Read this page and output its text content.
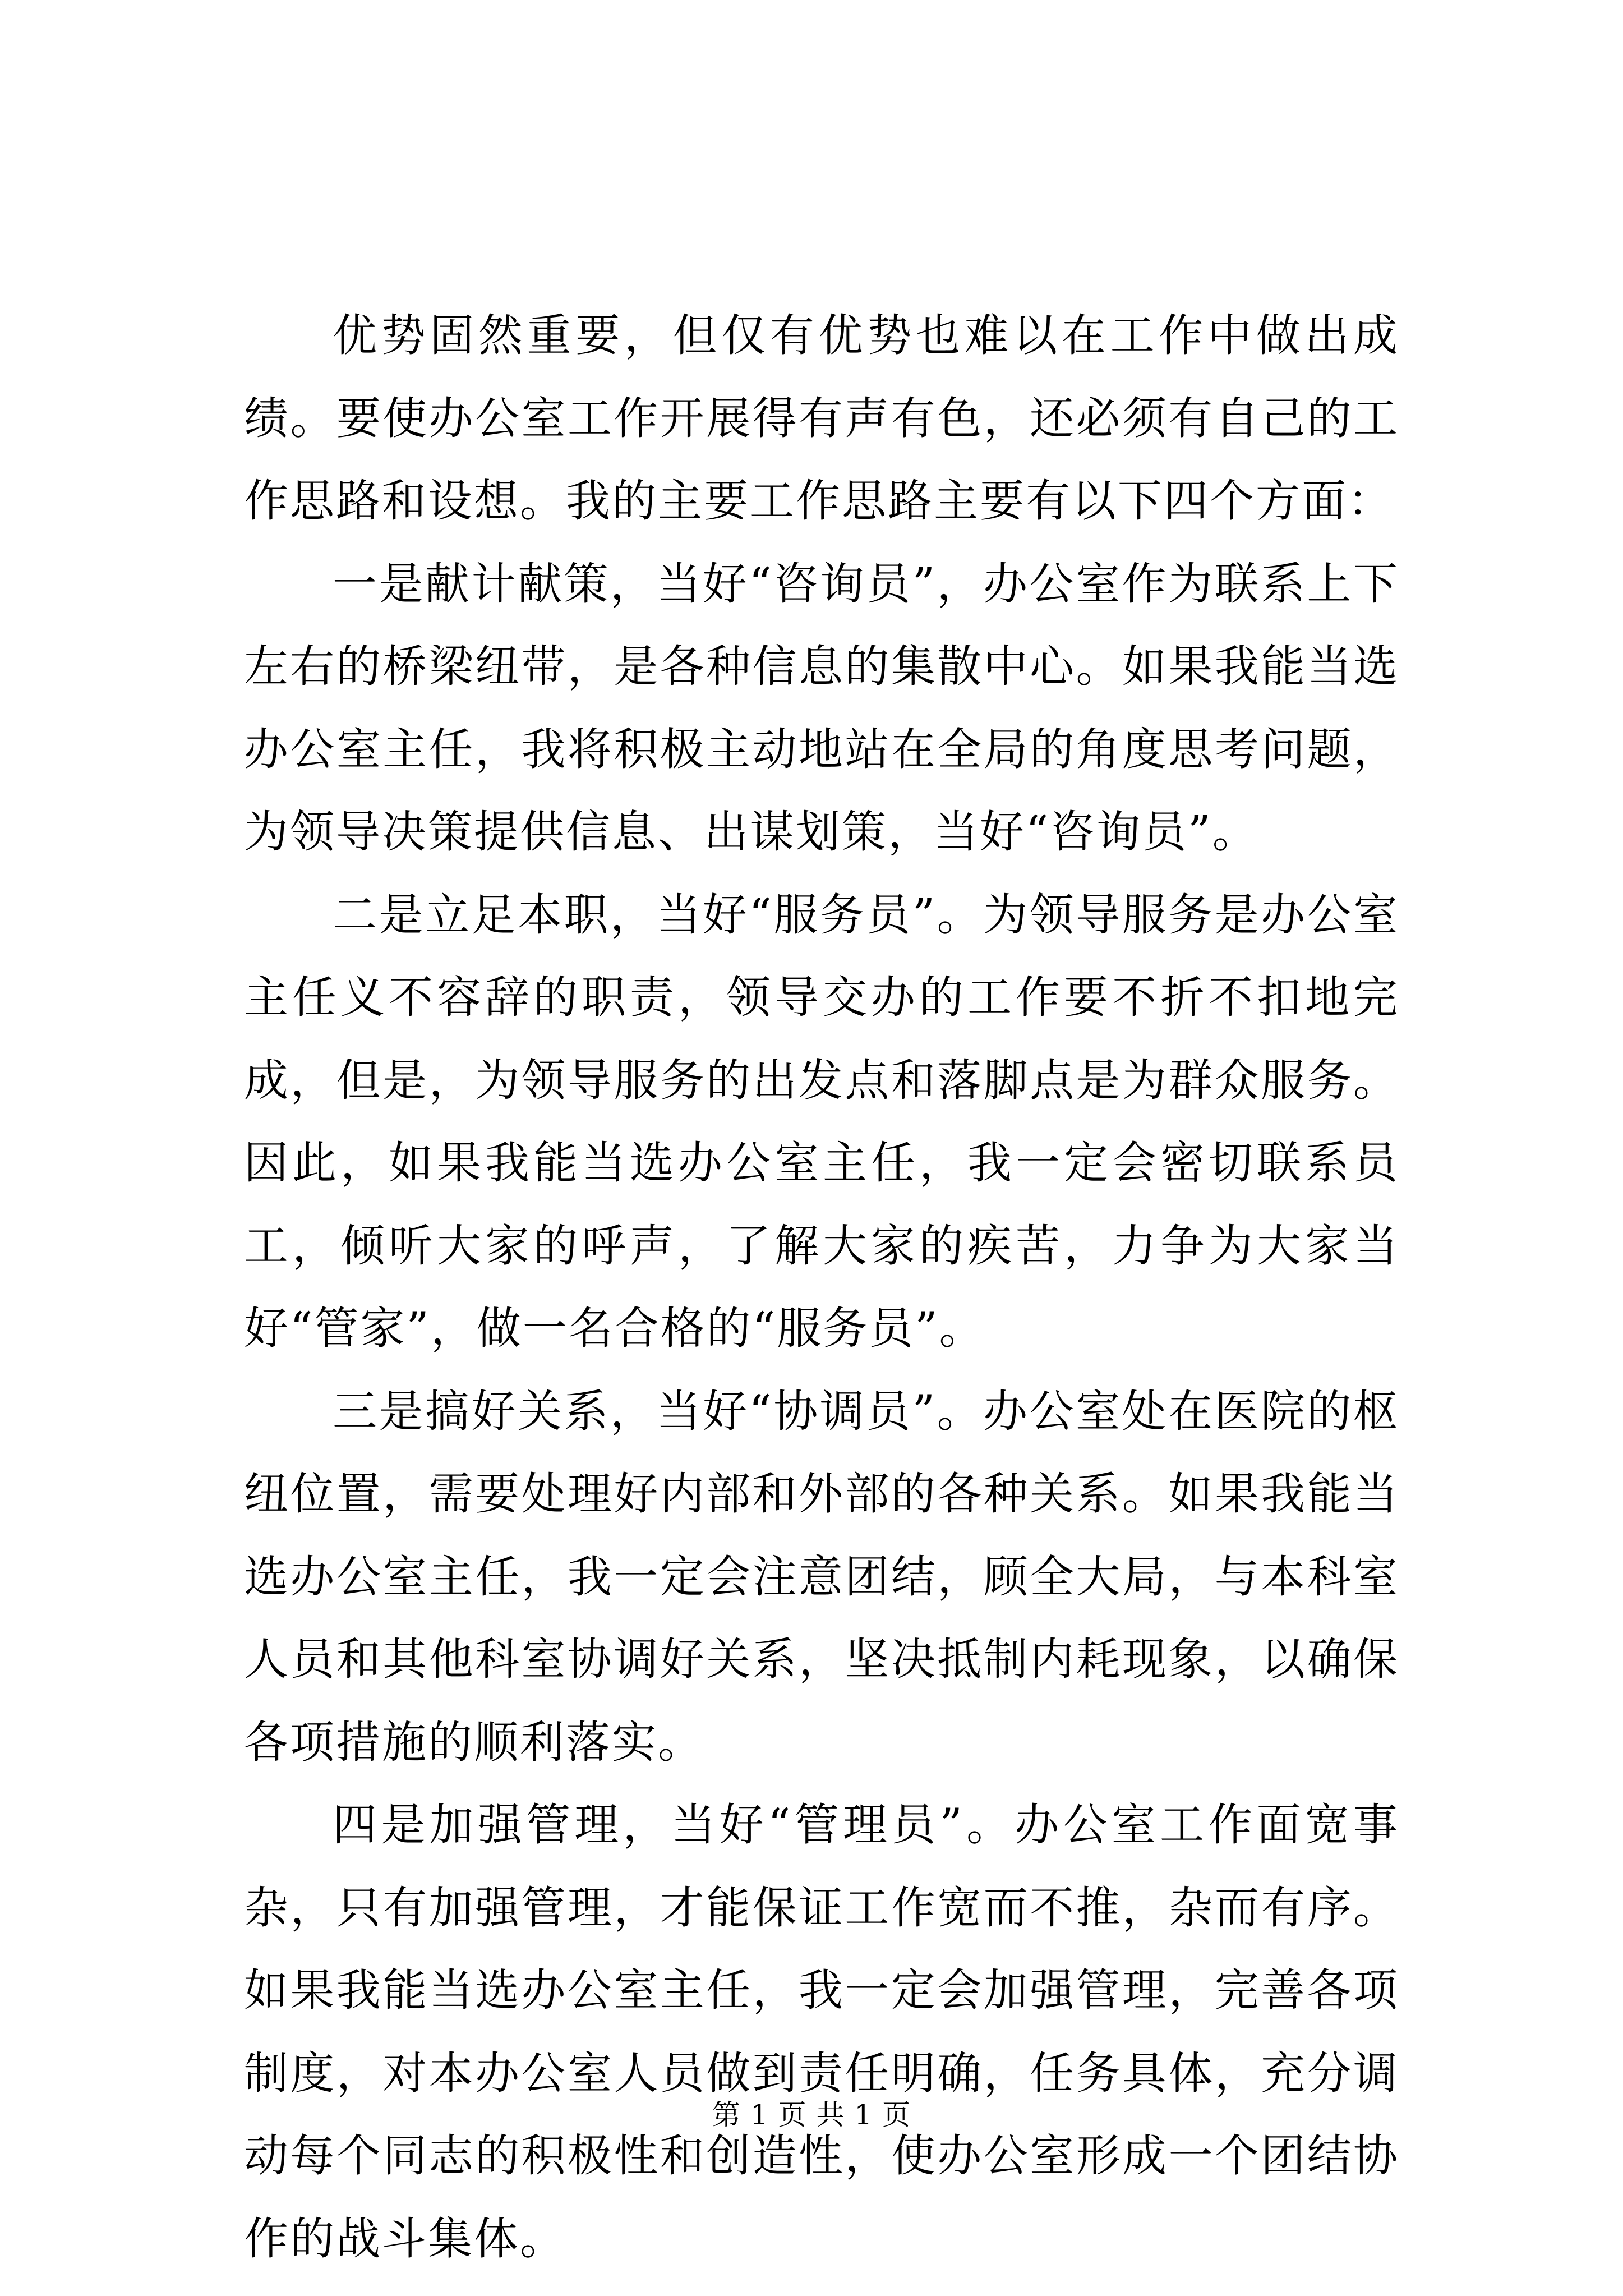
优势固然重要，但仅有优势也难以在工作中做出成绩。要使办公室工作开展得有声有色，还必须有自己的工作思路和设想。我的主要工作思路主要有以下四个方面：

一是献计献策，当好“咨询员”，办公室作为联系上下左右的桥梁纽带，是各种信息的集散中心。如果我能当选办公室主任，我将积极主动地站在全局的角度思考问题，为领导决策提供信息、出谋划策，当好“咨询员”。

二是立足本职，当好“服务员”。为领导服务是办公室主任义不容辞的职责，领导交办的工作要不折不扣地完成，但是，为领导服务的出发点和落脚点是为群众服务。因此，如果我能当选办公室主任，我一定会密切联系员工，倾听大家的呼声，了解大家的疾苦，力争为大家当好“管家”，做一名合格的“服务员”。

三是搞好关系，当好“协调员”。办公室处在医院的枢纽位置，需要处理好内部和外部的各种关系。如果我能当选办公室主任，我一定会注意团结，顾全大局，与本科室人员和其他科室协调好关系，坚决抵制内耗现象，以确保各项措施的顺利落实。

四是加强管理，当好“管理员”。办公室工作面宽事杂，只有加强管理，才能保证工作宽而不推，杂而有序。如果我能当选办公室主任，我一定会加强管理，完善各项制度，对本办公室人员做到责任明确，任务具体，充分调动每个同志的积极性和创造性，使办公室形成一个团结协作的战斗集体。

第 1 页 共 1 页
